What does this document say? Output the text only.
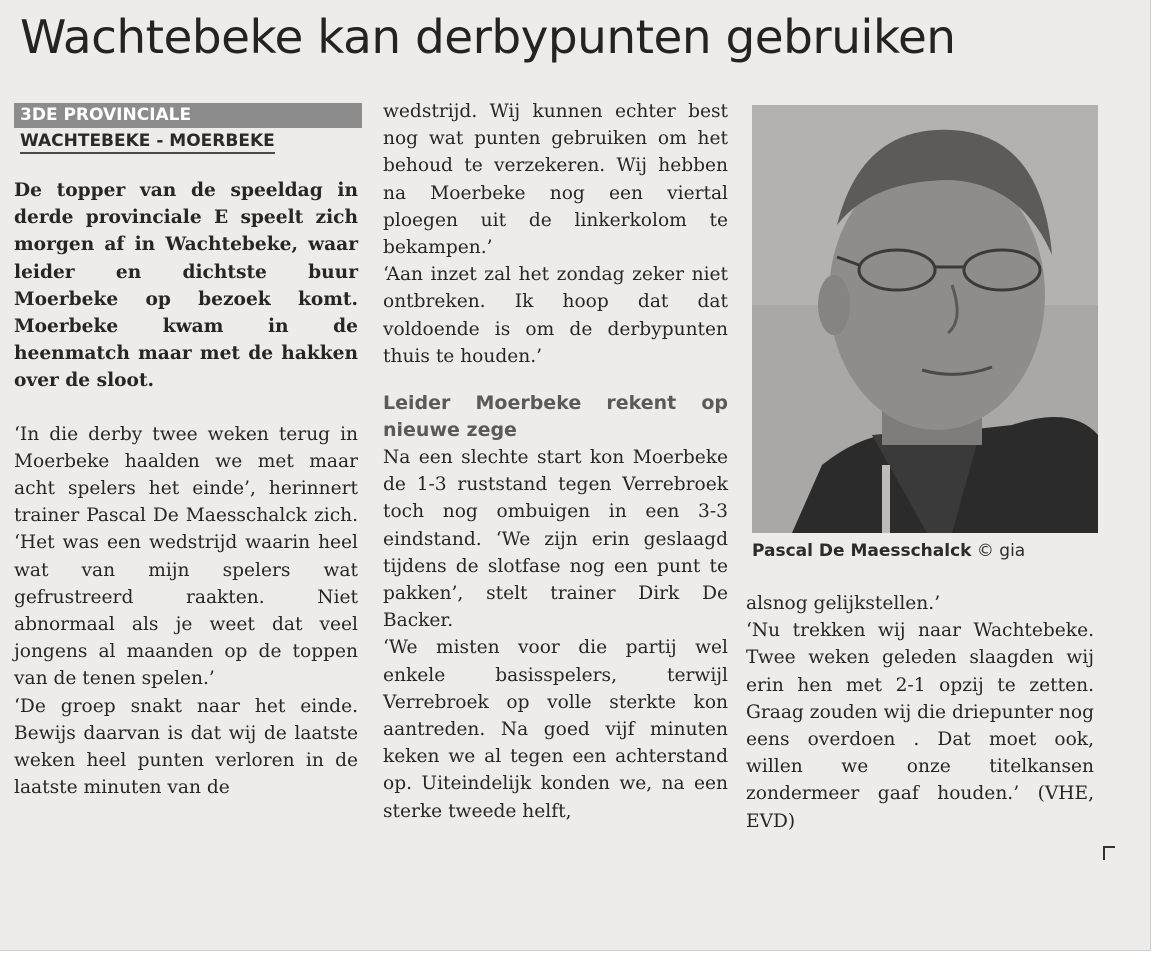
Wachtebeke kan derbypunten gebruiken
3DE PROVINCIALE
WACHTEBEKE - MOERBEKE

De topper van de speeldag in derde provinciale E speelt zich morgen af in Wachtebeke, waar leider en dichtste buur Moerbeke op bezoek komt. Moerbeke kwam in de heenmatch maar met de hakken over de sloot.

‘In die derby twee weken terug in Moerbeke haalden we met maar acht spelers het einde’, herinnert trainer Pascal De Maesschalck zich. ‘Het was een wedstrijd waarin heel wat van mijn spelers wat gefrustreerd raakten. Niet abnormaal als je weet dat veel jongens al maanden op de toppen van de tenen spelen.’

‘De groep snakt naar het einde. Bewijs daarvan is dat wij de laatste weken heel punten verloren in de laatste minuten van de

wedstrijd. Wij kunnen echter best nog wat punten gebruiken om het behoud te verzekeren. Wij hebben na Moerbeke nog een viertal ploegen uit de linkerkolom te bekampen.’

‘Aan inzet zal het zondag zeker niet ontbreken. Ik hoop dat dat voldoende is om de derbypunten thuis te houden.’

Leider Moerbeke rekent op nieuwe zege

Na een slechte start kon Moerbeke de 1-3 ruststand tegen Verrebroek toch nog ombuigen in een 3-3 eindstand. ‘We zijn erin geslaagd tijdens de slotfase nog een punt te pakken’, stelt trainer Dirk De Backer.

‘We misten voor die partij wel enkele basisspelers, terwijl Verrebroek op volle sterkte kon aantreden. Na goed vijf minuten keken we al tegen een achterstand op. Uiteindelijk konden we, na een sterke tweede helft,

Pascal De Maesschalck © gia

alsnog gelijkstellen.’

‘Nu trekken wij naar Wachtebeke. Twee weken geleden slaagden wij erin hen met 2-1 opzij te zetten. Graag zouden wij die driepunter nog eens overdoen . Dat moet ook, willen we onze titelkansen zondermeer gaaf houden.’ (VHE, EVD)
